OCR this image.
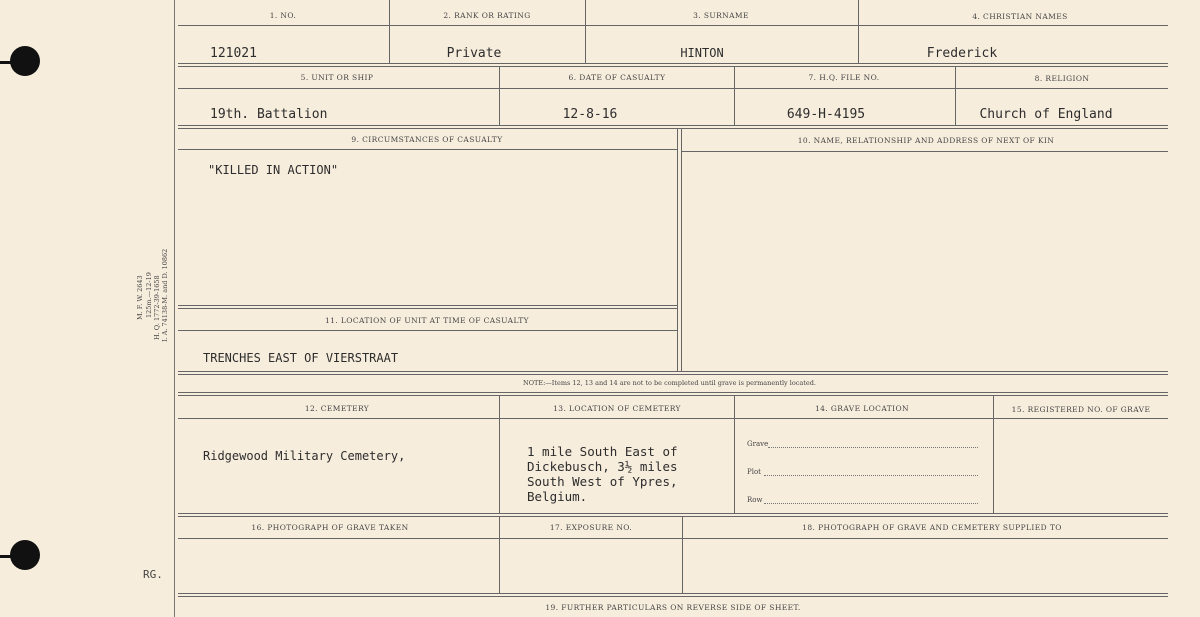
M. F. W. 2643 125m.—12-19 H. Q. 1772-39-1658 I. A. 74138-M. and D. 10862
RG.
1. NO.	2. RANK OR RATING	3. SURNAME	4. CHRISTIAN NAMES
121021	Private	HINTON	Frederick
5. UNIT OR SHIP	6. DATE OF CASUALTY	7. H.Q. FILE NO.	8. RELIGION
19th. Battalion	12-8-16	649-H-4195	Church of England
9. CIRCUMSTANCES OF CASUALTY	10. NAME, RELATIONSHIP AND ADDRESS OF NEXT OF KIN
"KILLED IN ACTION"
11. LOCATION OF UNIT AT TIME OF CASUALTY
TRENCHES EAST OF VIERSTRAAT
NOTE:—Items 12, 13 and 14 are not to be completed until grave is permanently located.
12. CEMETERY	13. LOCATION OF CEMETERY	14. GRAVE LOCATION	15. REGISTERED NO. OF GRAVE
Ridgewood Military Cemetery,	1 mile South East of
Dickebusch, 3½ miles
South West of Ypres,
Belgium.
Grave
Plot
Row
16. PHOTOGRAPH OF GRAVE TAKEN	17. EXPOSURE NO.	18. PHOTOGRAPH OF GRAVE AND CEMETERY SUPPLIED TO
19. FURTHER PARTICULARS ON REVERSE SIDE OF SHEET.
